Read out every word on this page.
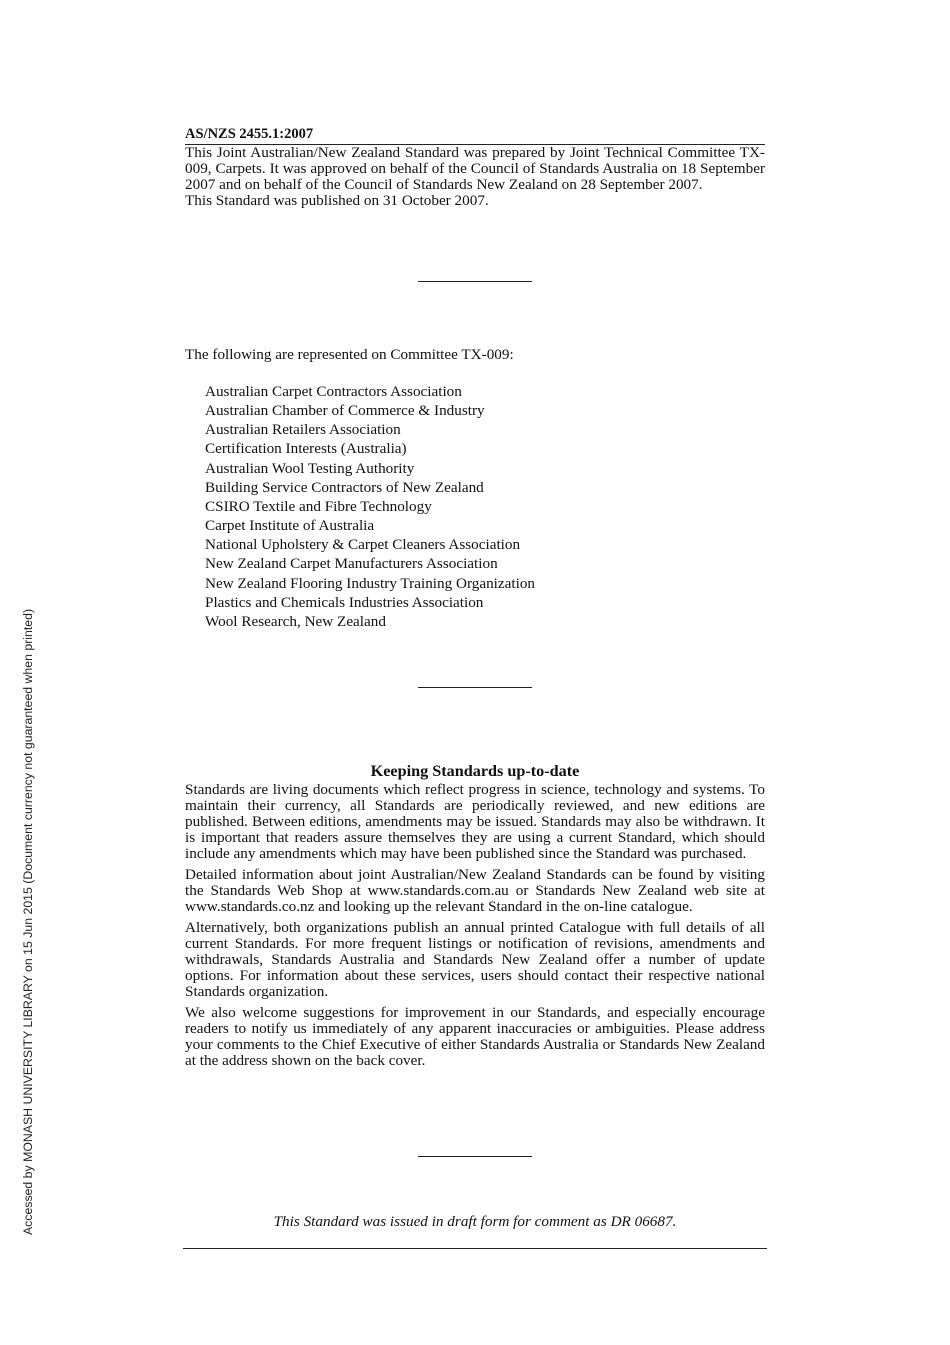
Accessed by MONASH UNIVERSITY LIBRARY on 15 Jun 2015 (Document currency not guaranteed when printed)

AS/NZS 2455.1:2007

This Joint Australian/New Zealand Standard was prepared by Joint Technical Committee TX-009, Carpets. It was approved on behalf of the Council of Standards Australia on 18 September 2007 and on behalf of the Council of Standards New Zealand on 28 September 2007.

This Standard was published on 31 October 2007.

The following are represented on Committee TX-009:

Australian Carpet Contractors Association
Australian Chamber of Commerce & Industry
Australian Retailers Association
Certification Interests (Australia)
Australian Wool Testing Authority
Building Service Contractors of New Zealand
CSIRO Textile and Fibre Technology
Carpet Institute of Australia
National Upholstery & Carpet Cleaners Association
New Zealand Carpet Manufacturers Association
New Zealand Flooring Industry Training Organization
Plastics and Chemicals Industries Association
Wool Research, New Zealand
Keeping Standards up-to-date

Standards are living documents which reflect progress in science, technology and systems. To maintain their currency, all Standards are periodically reviewed, and new editions are published. Between editions, amendments may be issued. Standards may also be withdrawn. It is important that readers assure themselves they are using a current Standard, which should include any amendments which may have been published since the Standard was purchased.

Detailed information about joint Australian/New Zealand Standards can be found by visiting the Standards Web Shop at www.standards.com.au or Standards New Zealand web site at www.standards.co.nz and looking up the relevant Standard in the on-line catalogue.

Alternatively, both organizations publish an annual printed Catalogue with full details of all current Standards. For more frequent listings or notification of revisions, amendments and withdrawals, Standards Australia and Standards New Zealand offer a number of update options. For information about these services, users should contact their respective national Standards organization.

We also welcome suggestions for improvement in our Standards, and especially encourage readers to notify us immediately of any apparent inaccuracies or ambiguities. Please address your comments to the Chief Executive of either Standards Australia or Standards New Zealand at the address shown on the back cover.

This Standard was issued in draft form for comment as DR 06687.
